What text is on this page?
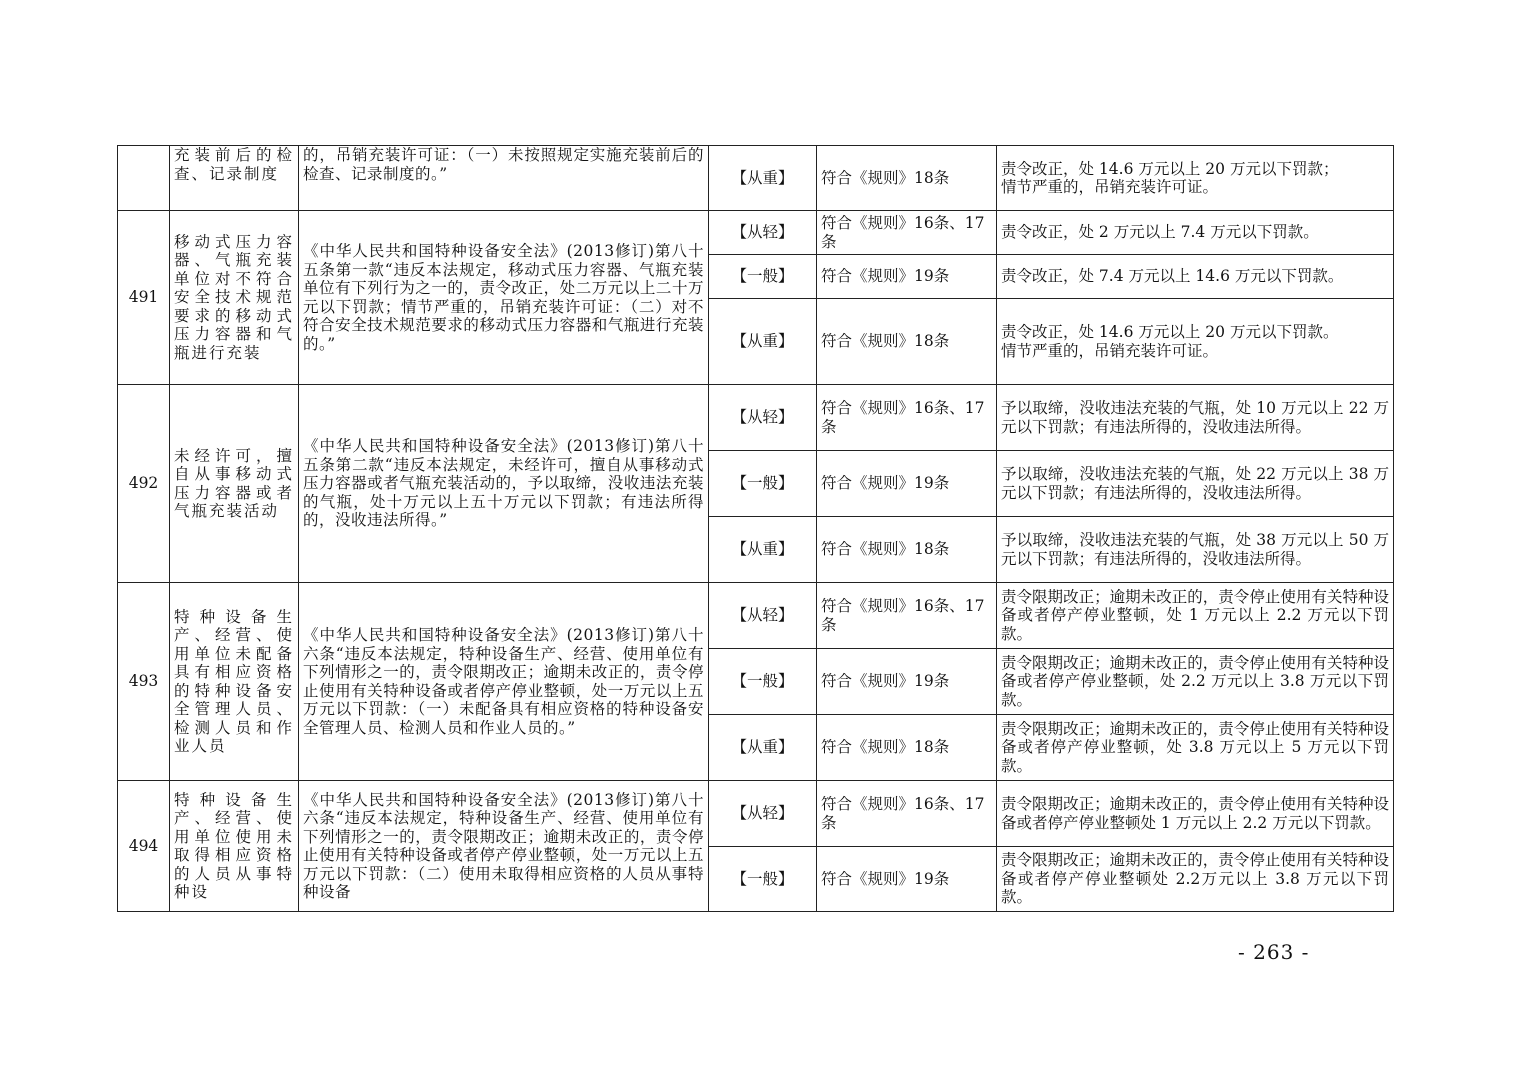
	充装前后的检查、记录制度	的，吊销充装许可证：（一）未按照规定实施充装前后的检查、记录制度的。”	【从重】	符合《规则》18条	责令改正，处 14.6 万元以上 20 万元以下罚款；
情节严重的，吊销充装许可证。
491	移动式压力容器、气瓶充装单位对不符合安全技术规范要求的移动式压力容器和气瓶进行充装	《中华人民共和国特种设备安全法》(2013修订)第八十五条第一款“违反本法规定，移动式压力容器、气瓶充装单位有下列行为之一的，责令改正，处二万元以上二十万元以下罚款；情节严重的，吊销充装许可证：（二）对不符合安全技术规范要求的移动式压力容器和气瓶进行充装的。”	【从轻】	符合《规则》16条、17条	责令改正，处 2 万元以上 7.4 万元以下罚款。
			【一般】	符合《规则》19条	责令改正，处 7.4 万元以上 14.6 万元以下罚款。
			【从重】	符合《规则》18条	责令改正，处 14.6 万元以上 20 万元以下罚款。
情节严重的，吊销充装许可证。
492	未经许可，擅自从事移动式压力容器或者气瓶充装活动	《中华人民共和国特种设备安全法》(2013修订)第八十五条第二款“违反本法规定，未经许可，擅自从事移动式压力容器或者气瓶充装活动的，予以取缔，没收违法充装的气瓶，处十万元以上五十万元以下罚款；有违法所得的，没收违法所得。”	【从轻】	符合《规则》16条、17条	予以取缔，没收违法充装的气瓶，处 10 万元以上 22 万元以下罚款；有违法所得的，没收违法所得。
			【一般】	符合《规则》19条	予以取缔，没收违法充装的气瓶，处 22 万元以上 38 万元以下罚款；有违法所得的，没收违法所得。
			【从重】	符合《规则》18条	予以取缔，没收违法充装的气瓶，处 38 万元以上 50 万元以下罚款；有违法所得的，没收违法所得。
493	特种设备生产、经营、使用单位未配备具有相应资格的特种设备安全管理人员、检测人员和作业人员	《中华人民共和国特种设备安全法》(2013修订)第八十六条“违反本法规定，特种设备生产、经营、使用单位有下列情形之一的，责令限期改正；逾期未改正的，责令停止使用有关特种设备或者停产停业整顿，处一万元以上五万元以下罚款：（一）未配备具有相应资格的特种设备安全管理人员、检测人员和作业人员的。”	【从轻】	符合《规则》16条、17条	责令限期改正；逾期未改正的，责令停止使用有关特种设备或者停产停业整顿，处 1 万元以上 2.2 万元以下罚款。
			【一般】	符合《规则》19条	责令限期改正；逾期未改正的，责令停止使用有关特种设备或者停产停业整顿，处 2.2 万元以上 3.8 万元以下罚款。
			【从重】	符合《规则》18条	责令限期改正；逾期未改正的，责令停止使用有关特种设备或者停产停业整顿，处 3.8 万元以上 5 万元以下罚款。
494	特种设备生产、经营、使用单位使用未取得相应资格的人员从事特种设	《中华人民共和国特种设备安全法》(2013修订)第八十六条“违反本法规定，特种设备生产、经营、使用单位有下列情形之一的，责令限期改正；逾期未改正的，责令停止使用有关特种设备或者停产停业整顿，处一万元以上五万元以下罚款：（二）使用未取得相应资格的人员从事特种设备	【从轻】	符合《规则》16条、17条	责令限期改正；逾期未改正的，责令停止使用有关特种设备或者停产停业整顿处 1 万元以上 2.2 万元以下罚款。
			【一般】	符合《规则》19条	责令限期改正；逾期未改正的，责令停止使用有关特种设备或者停产停业整顿处 2.2万元以上 3.8 万元以下罚款。
- 263 -
